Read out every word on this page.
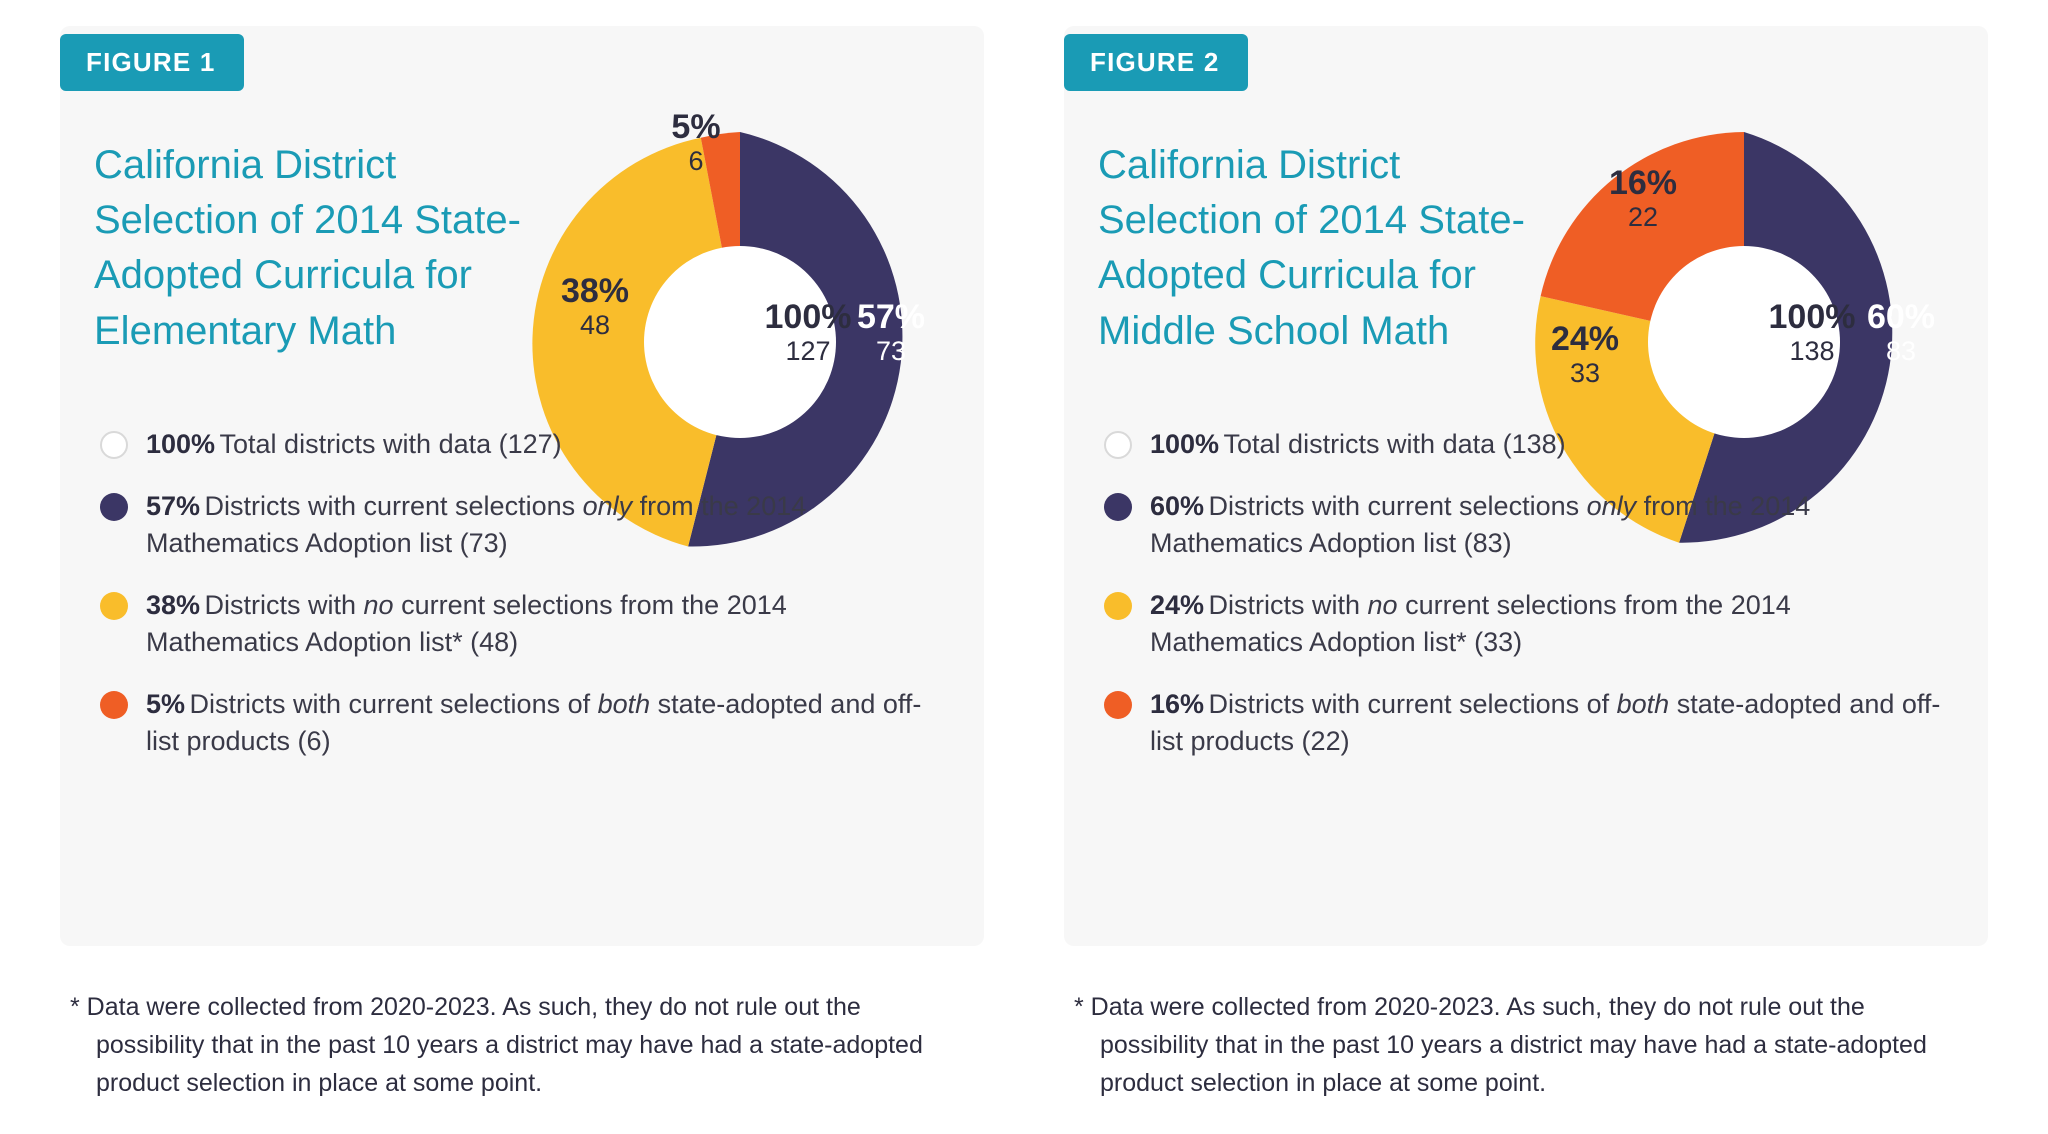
FIGURE 1
California District Selection of 2014 State-Adopted Curricula for Elementary Math	100%
127
57%
73
38%
48
5%
6
100% Total districts with data (127)
57% Districts with current selections only from the 2014 Mathematics Adoption list (73)
38% Districts with no current selections from the 2014 Mathematics Adoption list* (48)
5% Districts with current selections of both state-adopted and off-list products (6)
* Data were collected from 2020-2023. As such, they do not rule out the possibility that in the past 10 years a district may have had a state-adopted product selection in place at some point.
FIGURE 2
California District Selection of 2014 State-Adopted Curricula for Middle School Math	100%
138
60%
83
24%
33
16%
22
100% Total districts with data (138)
60% Districts with current selections only from the 2014 Mathematics Adoption list (83)
24% Districts with no current selections from the 2014 Mathematics Adoption list* (33)
16% Districts with current selections of both state-adopted and off-list products (22)
* Data were collected from 2020-2023. As such, they do not rule out the possibility that in the past 10 years a district may have had a state-adopted product selection in place at some point.
